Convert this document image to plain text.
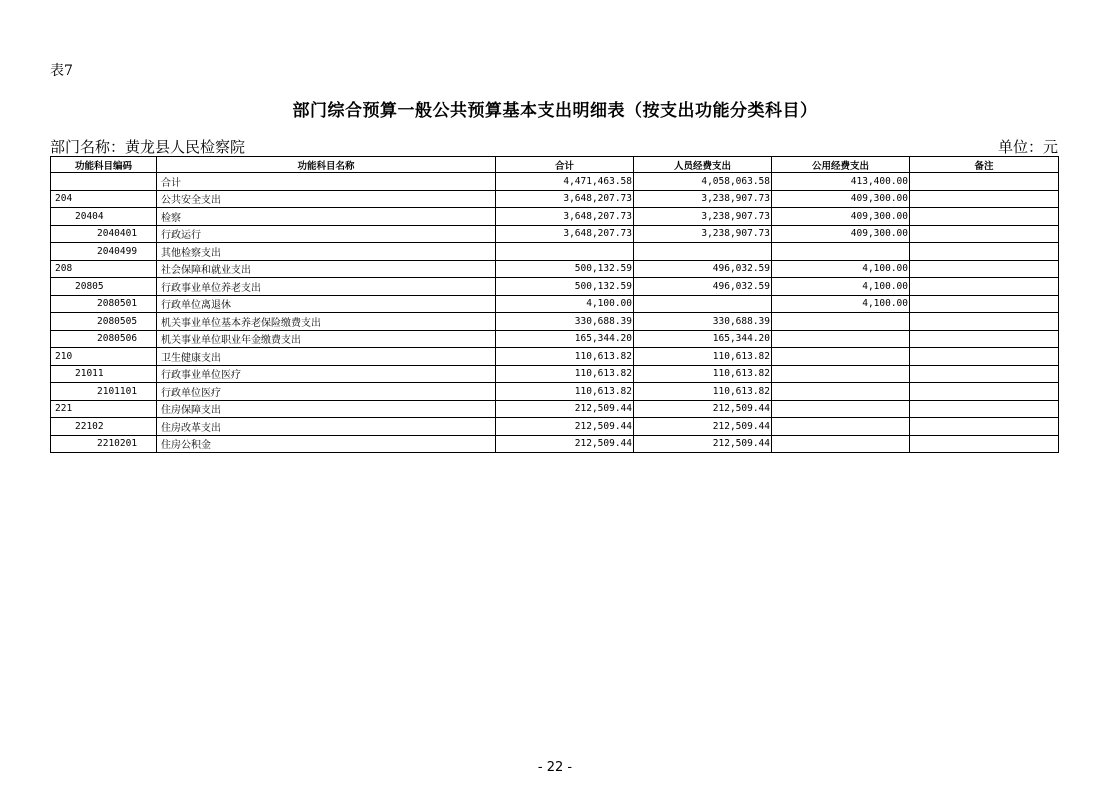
表7
部门综合预算一般公共预算基本支出明细表（按支出功能分类科目）
部门名称：黄龙县人民检察院	单位：元
功能科目编码	功能科目名称	合计	人员经费支出	公用经费支出	备注
	合计	4,471,463.58	4,058,063.58	413,400.00	
204	公共安全支出	3,648,207.73	3,238,907.73	409,300.00	
20404	检察	3,648,207.73	3,238,907.73	409,300.00	
2040401	行政运行	3,648,207.73	3,238,907.73	409,300.00	
2040499	其他检察支出				
208	社会保障和就业支出	500,132.59	496,032.59	4,100.00	
20805	行政事业单位养老支出	500,132.59	496,032.59	4,100.00	
2080501	行政单位离退休	4,100.00		4,100.00	
2080505	机关事业单位基本养老保险缴费支出	330,688.39	330,688.39		
2080506	机关事业单位职业年金缴费支出	165,344.20	165,344.20		
210	卫生健康支出	110,613.82	110,613.82		
21011	行政事业单位医疗	110,613.82	110,613.82		
2101101	行政单位医疗	110,613.82	110,613.82		
221	住房保障支出	212,509.44	212,509.44		
22102	住房改革支出	212,509.44	212,509.44		
2210201	住房公积金	212,509.44	212,509.44		
- 22 -
